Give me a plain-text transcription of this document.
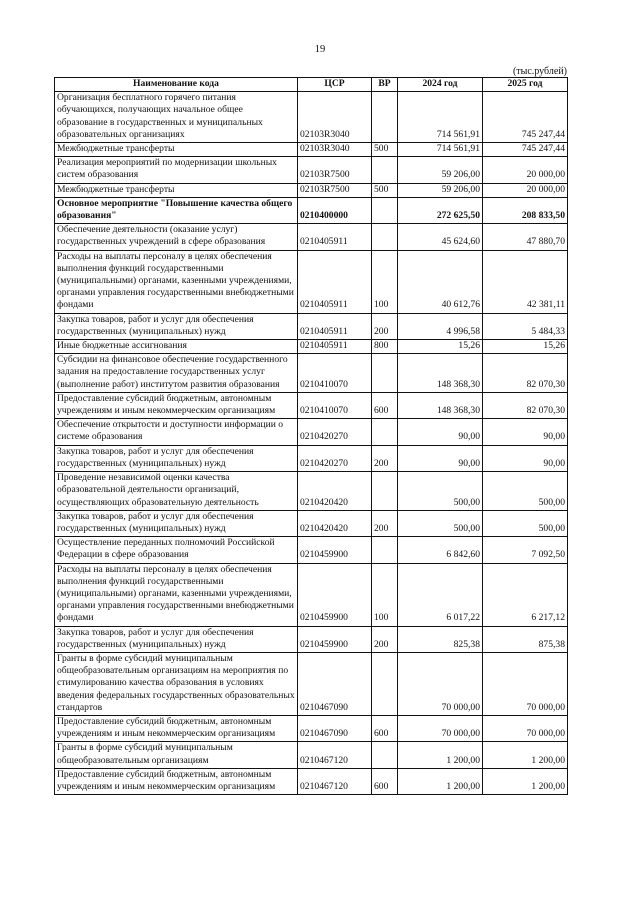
19
(тыс.рублей)
Наименование кода	ЦСР	ВР	2024 год	2025 год
Организация бесплатного горячего питания обучающихся, получающих начальное общее образование в государственных и муниципальных образовательных организациях	02103R3040		714 561,91	745 247,44
Межбюджетные трансферты	02103R3040	500	714 561,91	745 247,44
Реализация мероприятий по модернизации школьных систем образования	02103R7500		59 206,00	20 000,00
Межбюджетные трансферты	02103R7500	500	59 206,00	20 000,00
Основное мероприятие "Повышение качества общего образования"	0210400000		272 625,50	208 833,50
Обеспечение деятельности (оказание услуг) государственных учреждений в сфере образования	0210405911		45 624,60	47 880,70
Расходы на выплаты персоналу в целях обеспечения выполнения функций государственными (муниципальными) органами, казенными учреждениями, органами управления государственными внебюджетными фондами	0210405911	100	40 612,76	42 381,11
Закупка товаров, работ и услуг для обеспечения государственных (муниципальных) нужд	0210405911	200	4 996,58	5 484,33
Иные бюджетные ассигнования	0210405911	800	15,26	15,26
Субсидии на финансовое обеспечение государственного задания на предоставление государственных услуг (выполнение работ) институтом развития образования	0210410070		148 368,30	82 070,30
Предоставление субсидий бюджетным, автономным учреждениям и иным некоммерческим организациям	0210410070	600	148 368,30	82 070,30
Обеспечение открытости и доступности информации о системе образования	0210420270		90,00	90,00
Закупка товаров, работ и услуг для обеспечения государственных (муниципальных) нужд	0210420270	200	90,00	90,00
Проведение независимой оценки качества образовательной деятельности организаций, осуществляющих образовательную деятельность	0210420420		500,00	500,00
Закупка товаров, работ и услуг для обеспечения государственных (муниципальных) нужд	0210420420	200	500,00	500,00
Осуществление переданных полномочий Российской Федерации в сфере образования	0210459900		6 842,60	7 092,50
Расходы на выплаты персоналу в целях обеспечения выполнения функций государственными (муниципальными) органами, казенными учреждениями, органами управления государственными внебюджетными фондами	0210459900	100	6 017,22	6 217,12
Закупка товаров, работ и услуг для обеспечения государственных (муниципальных) нужд	0210459900	200	825,38	875,38
Гранты в форме субсидий муниципальным общеобразовательным организациям на мероприятия по стимулированию качества образования в условиях введения федеральных государственных образовательных стандартов	0210467090		70 000,00	70 000,00
Предоставление субсидий бюджетным, автономным учреждениям и иным некоммерческим организациям	0210467090	600	70 000,00	70 000,00
Гранты в форме субсидий муниципальным общеобразовательным организациям	0210467120		1 200,00	1 200,00
Предоставление субсидий бюджетным, автономным учреждениям и иным некоммерческим организациям	0210467120	600	1 200,00	1 200,00
